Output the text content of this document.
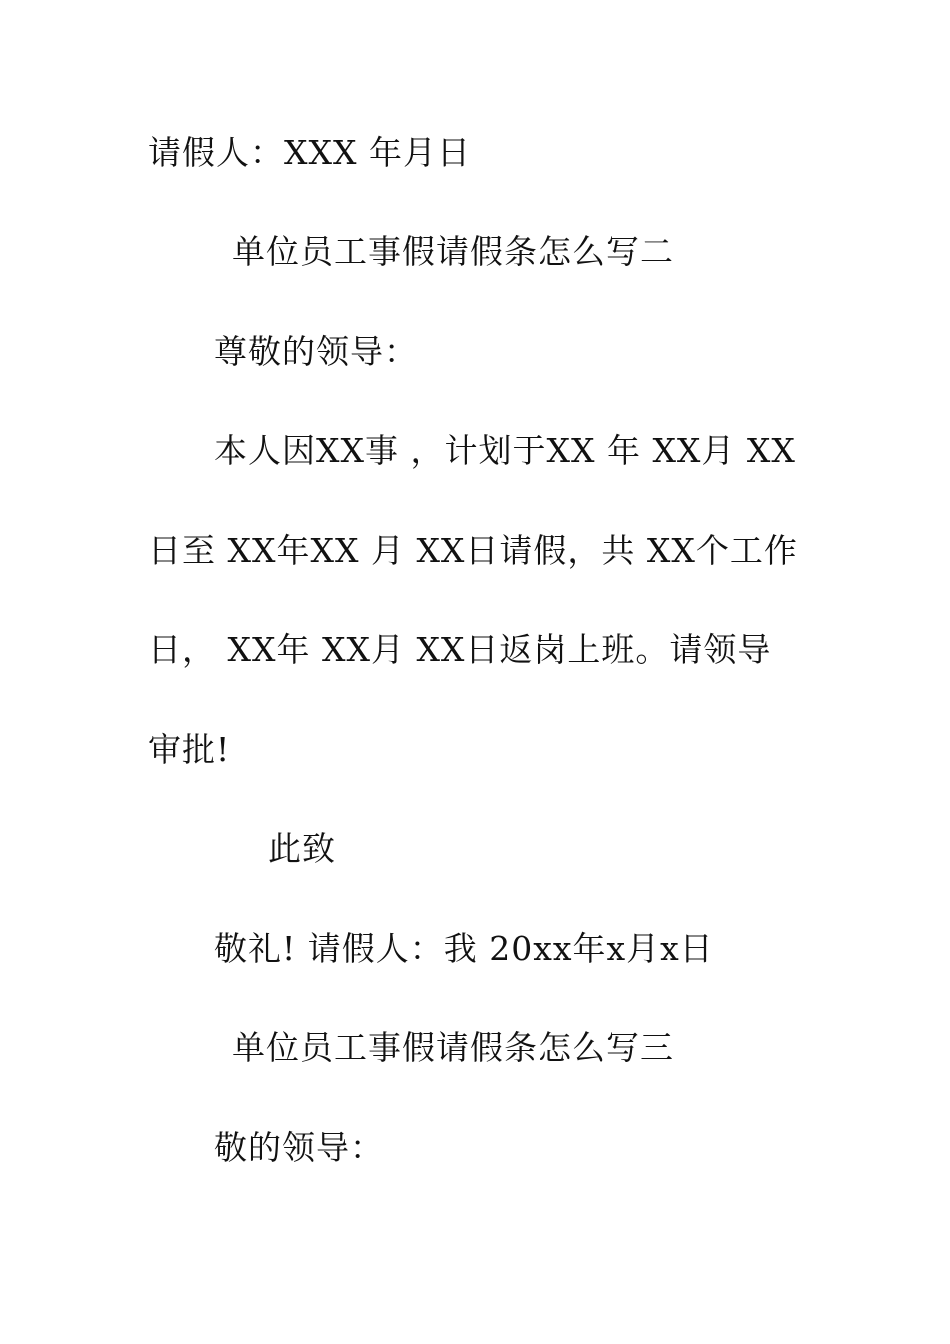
请假人：XXX 年月日
单位员工事假请假条怎么写二
尊敬的领导：
本人因XX事 ，计划于XX 年 XX月 XX
日至 XX年XX 月 XX日请假，共 XX个工作
日， XX年 XX月 XX日返岗上班。请领导
审批!
此致
敬礼! 请假人：我 20xx年x月x日
单位员工事假请假条怎么写三
敬的领导：
